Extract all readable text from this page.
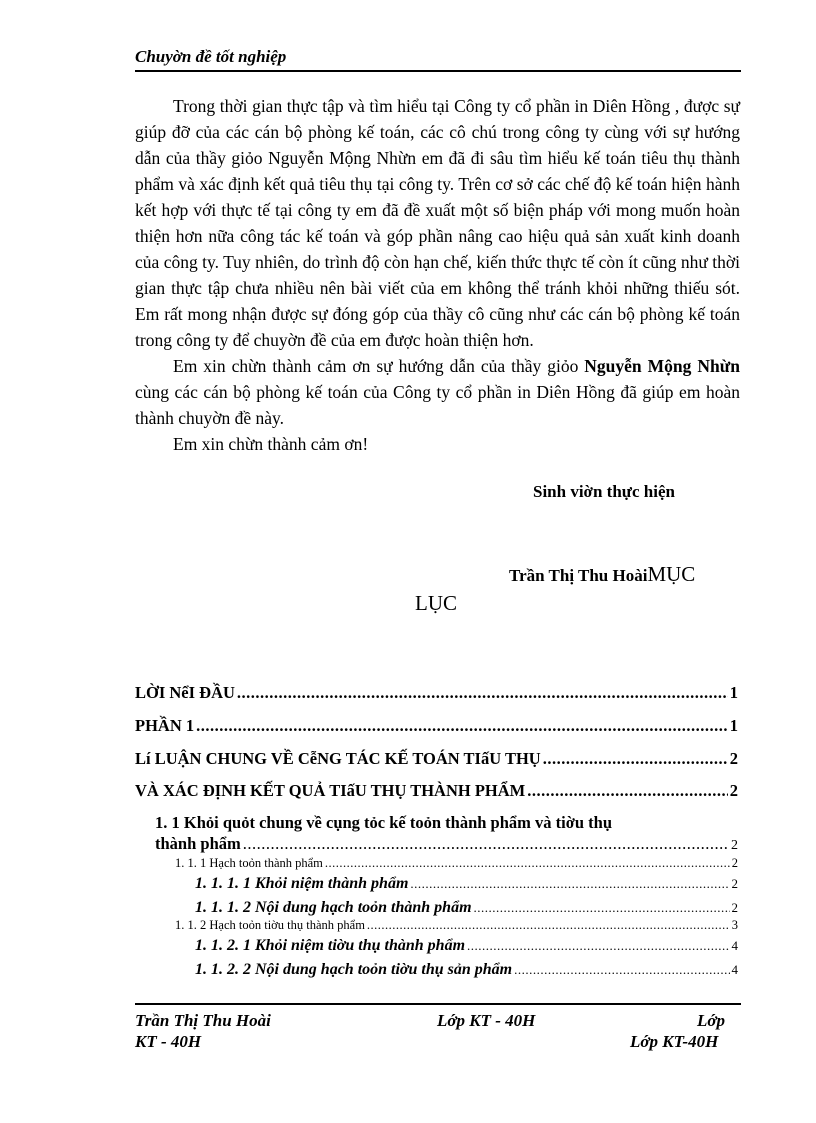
Chuyờn đề tốt nghiệp

Trong thời gian thực tập và tìm hiểu tại Công ty cổ phần in Diên Hồng , được sự giúp đỡ của các cán bộ phòng kế toán, các cô chú trong công ty cùng với sự hướng dẫn của thầy giỏo Nguyễn Mộng Nhừn em đã đi sâu tìm hiểu kế toán tiêu thụ thành phẩm và xác định kết quả tiêu thụ tại công ty. Trên cơ sở các chế độ kế toán hiện hành kết hợp với thực tế tại công ty em đã đề xuất một số biện pháp với mong muốn hoàn thiện hơn nữa công tác kế toán và góp phần nâng cao hiệu quả sản xuất kinh doanh của công ty. Tuy nhiên, do trình độ còn hạn chế, kiến thức thực tế còn ít cũng như thời gian thực tập chưa nhiều nên bài viết của em không thể tránh khỏi những thiếu sót. Em rất mong nhận được sự đóng góp của thầy cô cũng như các cán bộ phòng kế toán trong công ty để chuyờn đề của em được hoàn thiện hơn.

Em xin chừn thành cảm ơn sự hướng dẫn của thầy giỏo Nguyễn Mộng Nhừn cùng các cán bộ phòng kế toán của Công ty cổ phần in Diên Hồng đã giúp em hoàn thành chuyờn đề này.

Em xin chừn thành cảm ơn!

Sinh viờn thực hiện
Trần Thị Thu HoàiMỤC
LỤC
LỜI NểI ĐẦU .....	1
PHẦN 1 .....	1
Lí LUẬN CHUNG VỀ CễNG TÁC KẾ TOÁN TIấU THỤ .....	2
VÀ XÁC ĐỊNH KẾT QUẢ TIấU THỤ THÀNH PHẨM .....	2
1. 1 Khỏi quỏt chung về cụng tỏc kế toỏn thành phẩm và tiờu thụ
thành phẩm .....	2
1. 1. 1 Hạch toỏn thành phẩm .....	2
1. 1. 1. 1 Khỏi niệm thành phẩm .....	2
1. 1. 1. 2 Nội dung hạch toỏn thành phẩm .....	2
1. 1. 2 Hạch toỏn tiờu thụ thành phẩm .....	3
1. 1. 2. 1 Khỏi niệm tiờu thụ thành phẩm .....	4
1. 1. 2. 2 Nội dung hạch toỏn tiờu thụ sản phẩm .....	4
Trần Thị Thu Hoài	Lớp KT - 40H	Lớp
KT - 40H	Lớp KT-40H
